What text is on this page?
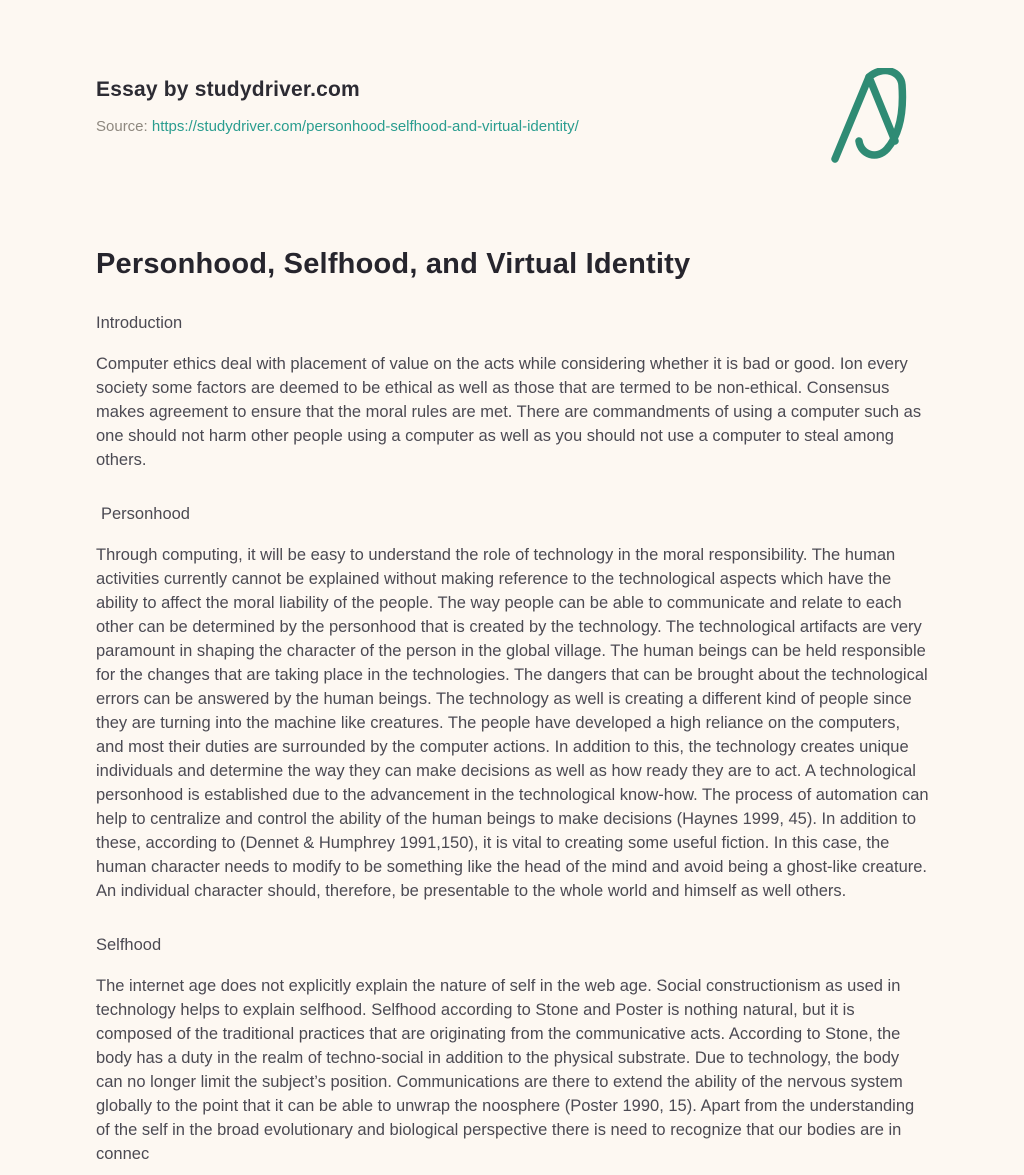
Essay by studydriver.com

Source: https://studydriver.com/personhood-selfhood-and-virtual-identity/
Personhood, Selfhood, and Virtual Identity

Introduction

Computer ethics deal with placement of value on the acts while considering whether it is bad or good. Ion every society some factors are deemed to be ethical as well as those that are termed to be non-ethical. Consensus makes agreement to ensure that the moral rules are met. There are commandments of using a computer such as one should not harm other people using a computer as well as you should not use a computer to steal among others.

Personhood

Through computing, it will be easy to understand the role of technology in the moral responsibility. The human activities currently cannot be explained without making reference to the technological aspects which have the ability to affect the moral liability of the people. The way people can be able to communicate and relate to each other can be determined by the personhood that is created by the technology. The technological artifacts are very paramount in shaping the character of the person in the global village. The human beings can be held responsible for the changes that are taking place in the technologies. The dangers that can be brought about the technological errors can be answered by the human beings. The technology as well is creating a different kind of people since they are turning into the machine like creatures. The people have developed a high reliance on the computers, and most their duties are surrounded by the computer actions. In addition to this, the technology creates unique individuals and determine the way they can make decisions as well as how ready they are to act. A technological personhood is established due to the advancement in the technological know-how. The process of automation can help to centralize and control the ability of the human beings to make decisions (Haynes 1999, 45). In addition to these, according to (Dennet & Humphrey 1991,150), it is vital to creating some useful fiction. In this case, the human character needs to modify to be something like the head of the mind and avoid being a ghost-like creature. An individual character should, therefore, be presentable to the whole world and himself as well others.

Selfhood

The internet age does not explicitly explain the nature of self in the web age. Social constructionism as used in technology helps to explain selfhood. Selfhood according to Stone and Poster is nothing natural, but it is composed of the traditional practices that are originating from the communicative acts. According to Stone, the body has a duty in the realm of techno-social in addition to the physical substrate. Due to technology, the body can no longer limit the subject’s position. Communications are there to extend the ability of the nervous system globally to the point that it can be able to unwrap the noosphere (Poster 1990, 15). Apart from the understanding of the self in the broad evolutionary and biological perspective there is need to recognize that our bodies are in connec
